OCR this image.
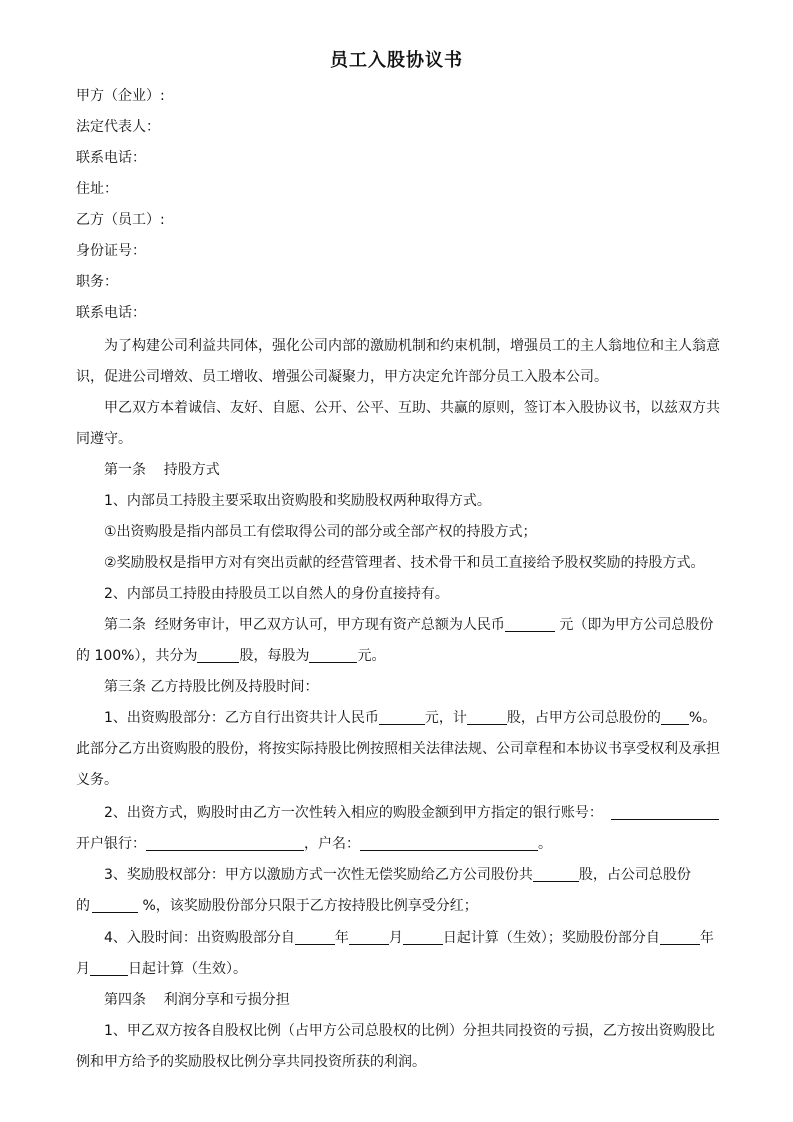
员工入股协议书
甲方（企业）:
法定代表人：
联系电话：
住址：
乙方（员工）:
身份证号：
职务：
联系电话：
为了构建公司利益共同体，强化公司内部的激励机制和约束机制，增强员工的主人翁地位和主人翁意
识，促进公司增效、员工增收、增强公司凝聚力，甲方决定允许部分员工入股本公司。
甲乙双方本着诚信、友好、自愿、公开、公平、互助、共赢的原则，签订本入股协议书，以兹双方共
同遵守。
第一条    持股方式
1、内部员工持股主要采取出资购股和奖励股权两种取得方式。
①出资购股是指内部员工有偿取得公司的部分或全部产权的持股方式；
②奖励股权是指甲方对有突出贡献的经营管理者、技术骨干和员工直接给予股权奖励的持股方式。
2、内部员工持股由持股员工以自然人的身份直接持有。
第二条  经财务审计，甲乙双方认可，甲方现有资产总额为人民币	元（即为甲方公司总股份
的 100%），共分为	股，每股为	元。
第三条 乙方持股比例及持股时间：
1、出资购股部分：乙方自行出资共计人民币	元，计	股，占甲方公司总股份的 %。
此部分乙方出资购股的股份，将按实际持股比例按照相关法律法规、公司章程和本协议书享受权利及承担
义务。
2、出资方式，购股时由乙方一次性转入相应的购股金额到甲方指定的银行账号：
开户银行：	，户名：	。
3、奖励股权部分：甲方以激励方式一次性无偿奖励给乙方公司股份共	股，占公司总股份
的	%，该奖励股份部分只限于乙方按持股比例享受分红；
4、入股时间：出资购股部分自	年	月	日起计算（生效）；奖励股份部分自	年
月	日起计算（生效）。
第四条    利润分享和亏损分担
1、甲乙双方按各自股权比例（占甲方公司总股权的比例）分担共同投资的亏损，乙方按出资购股比
例和甲方给予的奖励股权比例分享共同投资所获的利润。
